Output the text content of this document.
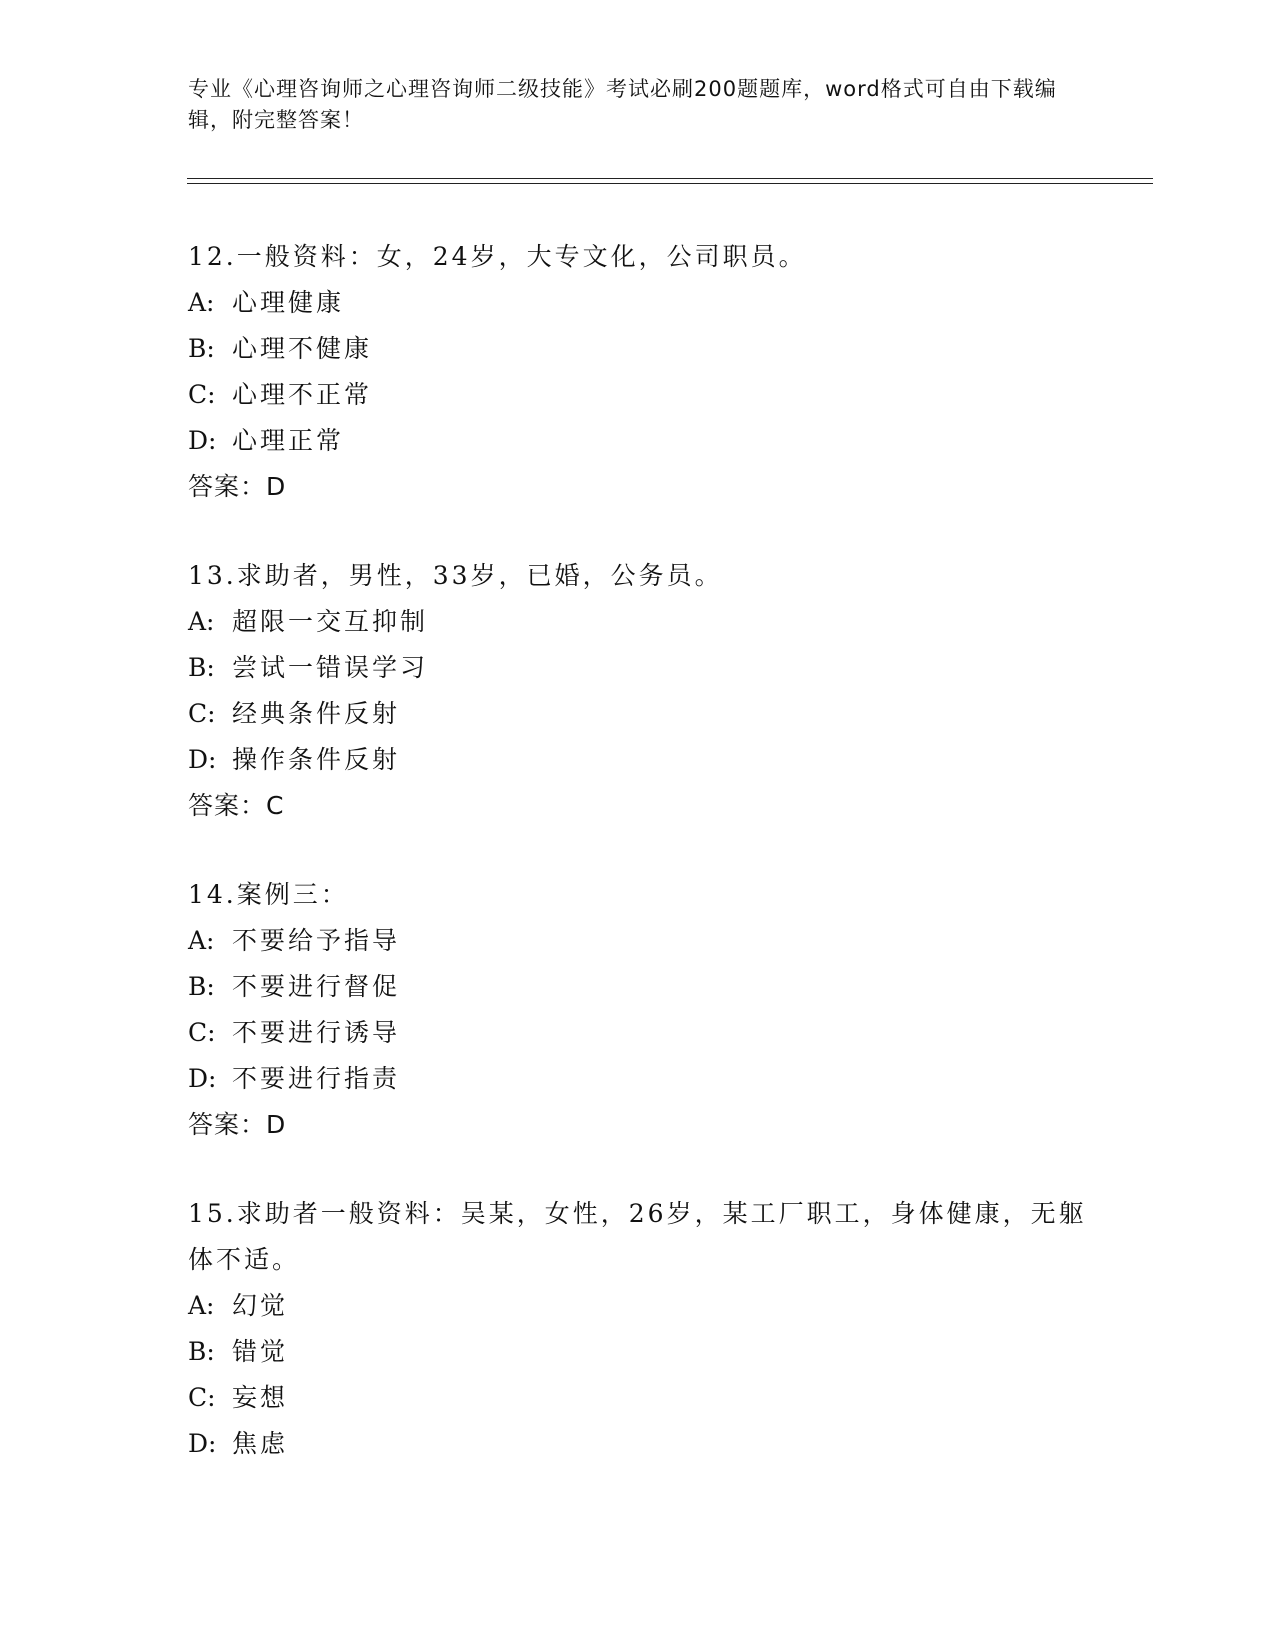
专业《心理咨询师之心理咨询师二级技能》考试必刷200题题库，word格式可自由下载编辑，附完整答案！
12.一般资料：女，24岁，大专文化，公司职员。
A: 心理健康
B: 心理不健康
C: 心理不正常
D: 心理正常
答案：D
13.求助者，男性，33岁，已婚，公务员。
A: 超限一交互抑制
B: 尝试一错误学习
C: 经典条件反射
D: 操作条件反射
答案：C
14.案例三：
A: 不要给予指导
B: 不要进行督促
C: 不要进行诱导
D: 不要进行指责
答案：D
15.求助者一般资料：吴某，女性，26岁，某工厂职工，身体健康，无躯体不适。
A: 幻觉
B: 错觉
C: 妄想
D: 焦虑
